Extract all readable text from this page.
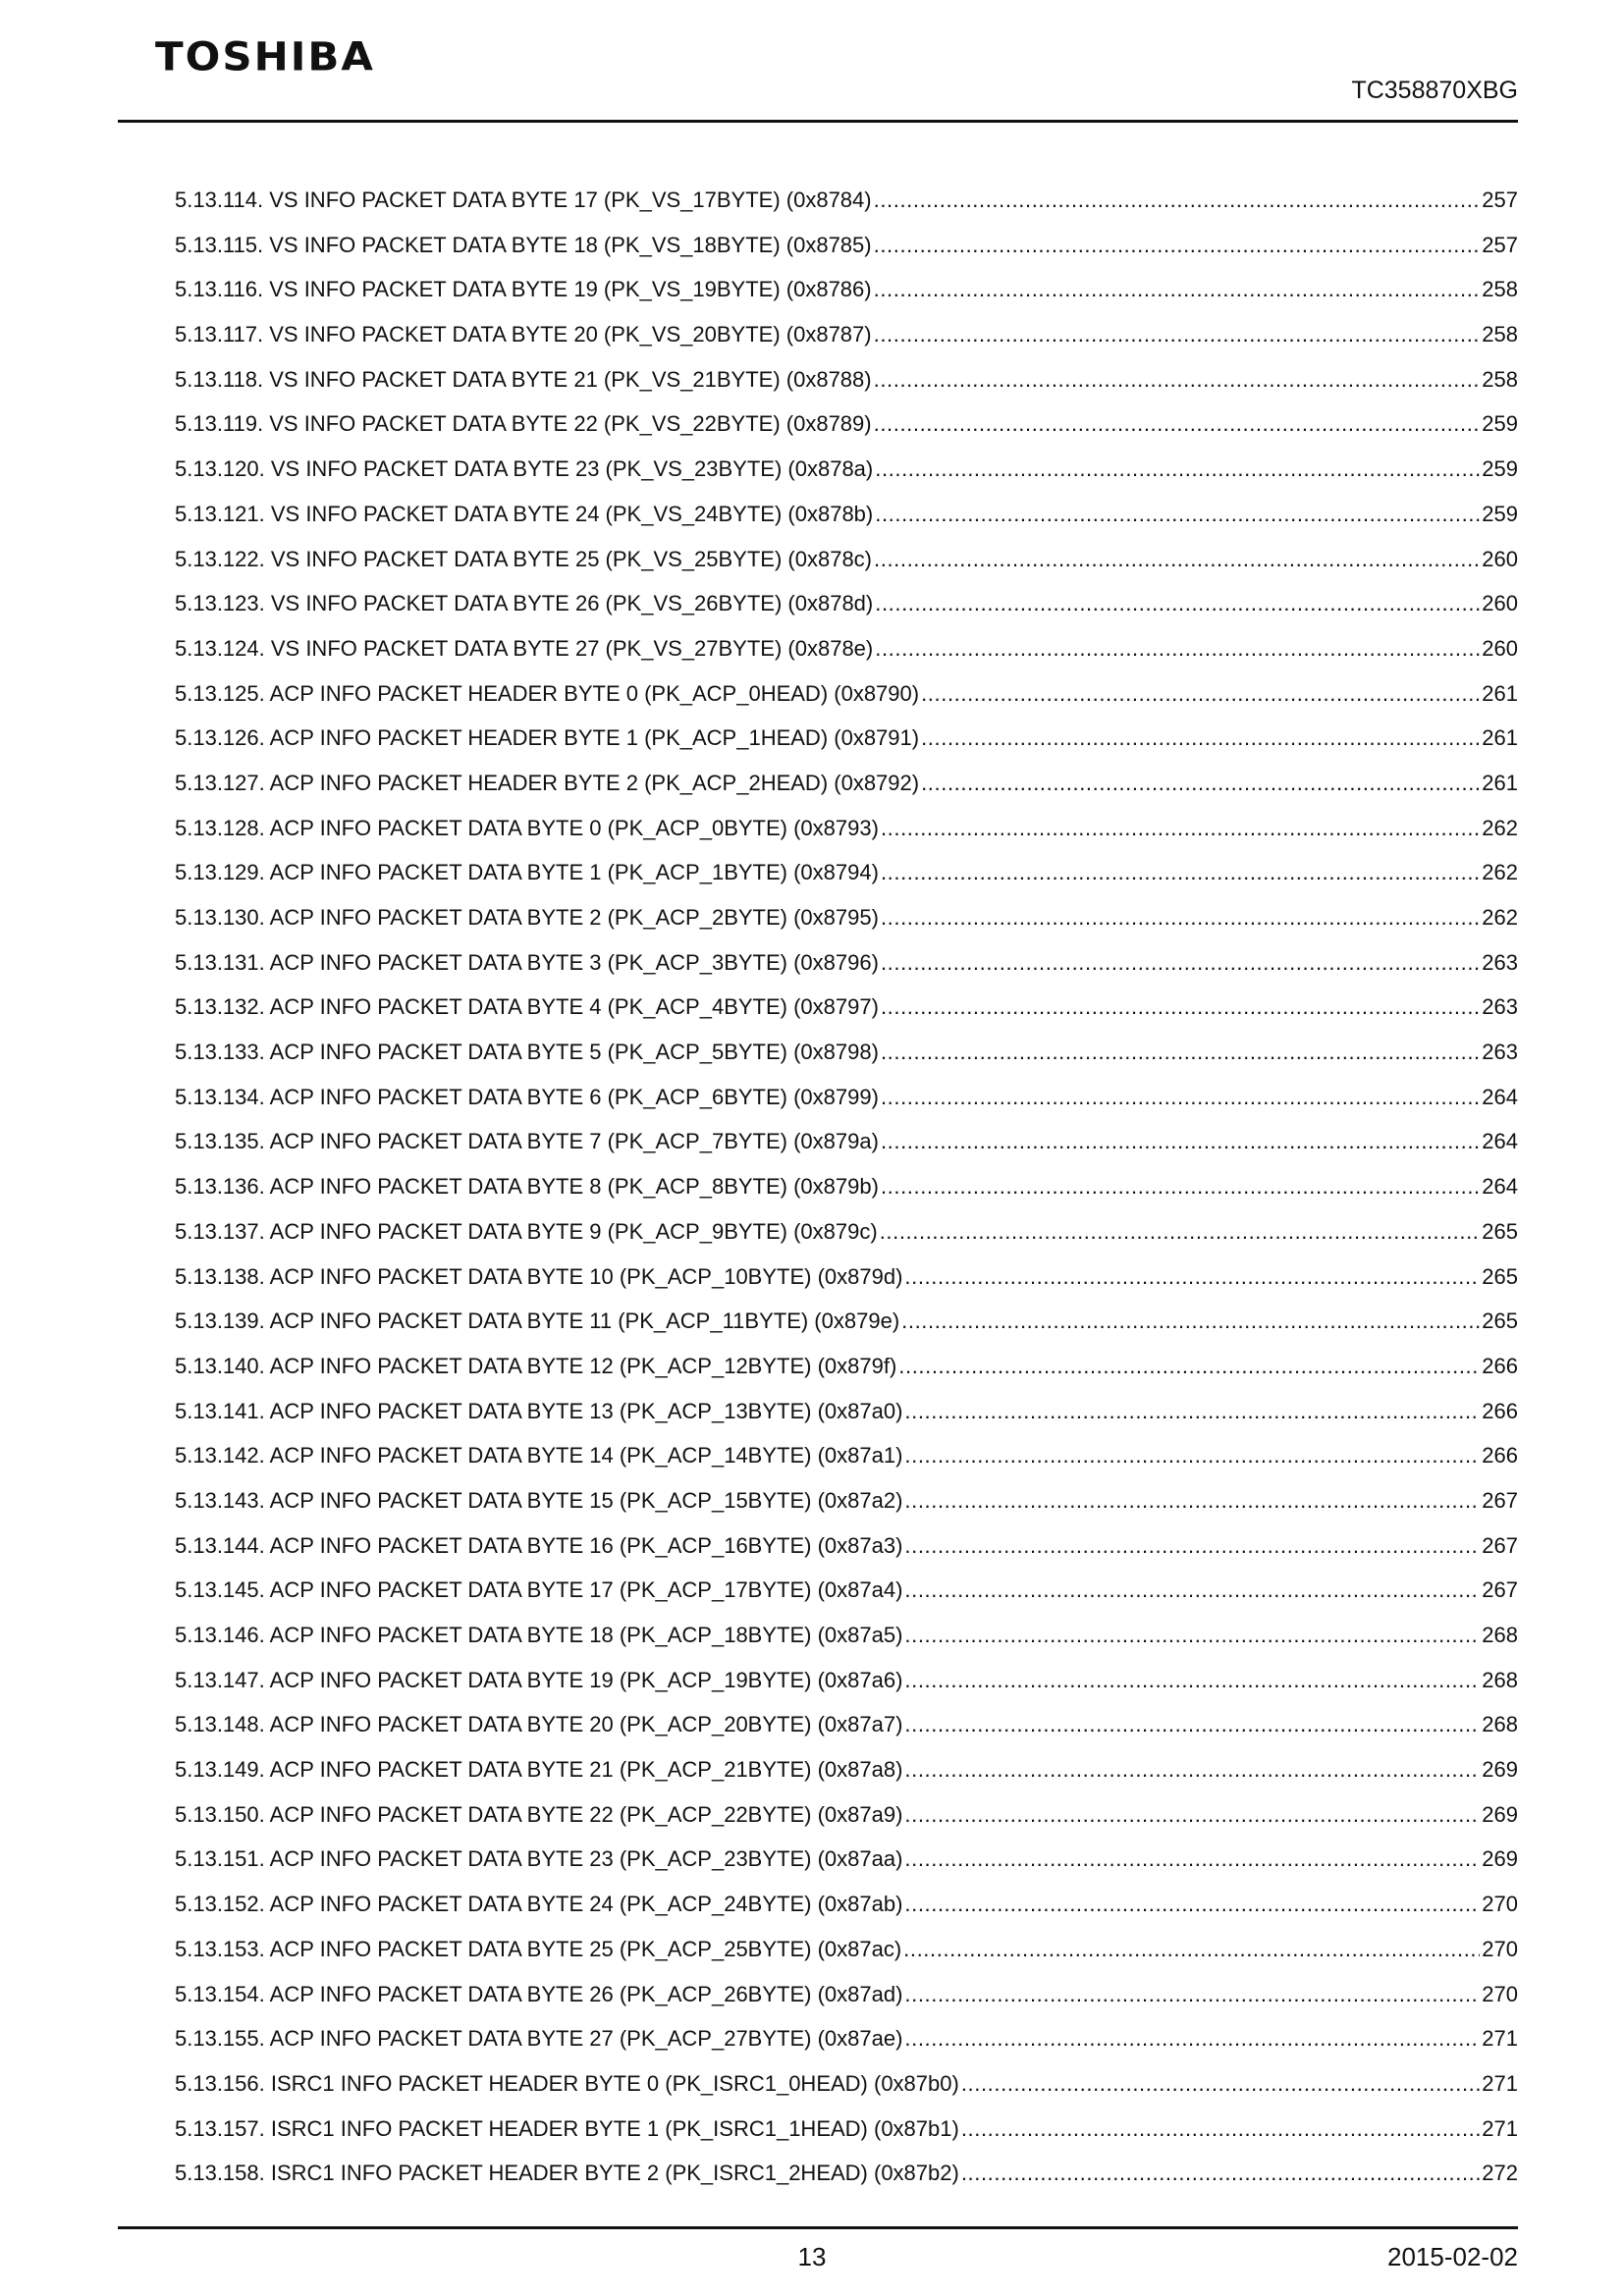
TOSHIBA
TC358870XBG
5.13.114. VS INFO PACKET DATA BYTE 17 (PK_VS_17BYTE) (0x8784) .....	257
5.13.115. VS INFO PACKET DATA BYTE 18 (PK_VS_18BYTE) (0x8785) .....	257
5.13.116. VS INFO PACKET DATA BYTE 19 (PK_VS_19BYTE) (0x8786) .....	258
5.13.117. VS INFO PACKET DATA BYTE 20 (PK_VS_20BYTE) (0x8787) .....	258
5.13.118. VS INFO PACKET DATA BYTE 21 (PK_VS_21BYTE) (0x8788) .....	258
5.13.119. VS INFO PACKET DATA BYTE 22 (PK_VS_22BYTE) (0x8789) .....	259
5.13.120. VS INFO PACKET DATA BYTE 23 (PK_VS_23BYTE) (0x878a) .....	259
5.13.121. VS INFO PACKET DATA BYTE 24 (PK_VS_24BYTE) (0x878b) .....	259
5.13.122. VS INFO PACKET DATA BYTE 25 (PK_VS_25BYTE) (0x878c) .....	260
5.13.123. VS INFO PACKET DATA BYTE 26 (PK_VS_26BYTE) (0x878d) .....	260
5.13.124. VS INFO PACKET DATA BYTE 27 (PK_VS_27BYTE) (0x878e) .....	260
5.13.125. ACP INFO PACKET HEADER BYTE 0 (PK_ACP_0HEAD) (0x8790) .....	261
5.13.126. ACP INFO PACKET HEADER BYTE 1 (PK_ACP_1HEAD) (0x8791) .....	261
5.13.127. ACP INFO PACKET HEADER BYTE 2 (PK_ACP_2HEAD) (0x8792) .....	261
5.13.128. ACP INFO PACKET DATA BYTE 0 (PK_ACP_0BYTE) (0x8793) .....	262
5.13.129. ACP INFO PACKET DATA BYTE 1 (PK_ACP_1BYTE) (0x8794) .....	262
5.13.130. ACP INFO PACKET DATA BYTE 2 (PK_ACP_2BYTE) (0x8795) .....	262
5.13.131. ACP INFO PACKET DATA BYTE 3 (PK_ACP_3BYTE) (0x8796) .....	263
5.13.132. ACP INFO PACKET DATA BYTE 4 (PK_ACP_4BYTE) (0x8797) .....	263
5.13.133. ACP INFO PACKET DATA BYTE 5 (PK_ACP_5BYTE) (0x8798) .....	263
5.13.134. ACP INFO PACKET DATA BYTE 6 (PK_ACP_6BYTE) (0x8799) .....	264
5.13.135. ACP INFO PACKET DATA BYTE 7 (PK_ACP_7BYTE) (0x879a) .....	264
5.13.136. ACP INFO PACKET DATA BYTE 8 (PK_ACP_8BYTE) (0x879b) .....	264
5.13.137. ACP INFO PACKET DATA BYTE 9 (PK_ACP_9BYTE) (0x879c) .....	265
5.13.138. ACP INFO PACKET DATA BYTE 10 (PK_ACP_10BYTE) (0x879d) .....	265
5.13.139. ACP INFO PACKET DATA BYTE 11 (PK_ACP_11BYTE) (0x879e) .....	265
5.13.140. ACP INFO PACKET DATA BYTE 12 (PK_ACP_12BYTE) (0x879f) .....	266
5.13.141. ACP INFO PACKET DATA BYTE 13 (PK_ACP_13BYTE) (0x87a0) .....	266
5.13.142. ACP INFO PACKET DATA BYTE 14 (PK_ACP_14BYTE) (0x87a1) .....	266
5.13.143. ACP INFO PACKET DATA BYTE 15 (PK_ACP_15BYTE) (0x87a2) .....	267
5.13.144. ACP INFO PACKET DATA BYTE 16 (PK_ACP_16BYTE) (0x87a3) .....	267
5.13.145. ACP INFO PACKET DATA BYTE 17 (PK_ACP_17BYTE) (0x87a4) .....	267
5.13.146. ACP INFO PACKET DATA BYTE 18 (PK_ACP_18BYTE) (0x87a5) .....	268
5.13.147. ACP INFO PACKET DATA BYTE 19 (PK_ACP_19BYTE) (0x87a6) .....	268
5.13.148. ACP INFO PACKET DATA BYTE 20 (PK_ACP_20BYTE) (0x87a7) .....	268
5.13.149. ACP INFO PACKET DATA BYTE 21 (PK_ACP_21BYTE) (0x87a8) .....	269
5.13.150. ACP INFO PACKET DATA BYTE 22 (PK_ACP_22BYTE) (0x87a9) .....	269
5.13.151. ACP INFO PACKET DATA BYTE 23 (PK_ACP_23BYTE) (0x87aa) .....	269
5.13.152. ACP INFO PACKET DATA BYTE 24 (PK_ACP_24BYTE) (0x87ab) .....	270
5.13.153. ACP INFO PACKET DATA BYTE 25 (PK_ACP_25BYTE) (0x87ac) .....	270
5.13.154. ACP INFO PACKET DATA BYTE 26 (PK_ACP_26BYTE) (0x87ad) .....	270
5.13.155. ACP INFO PACKET DATA BYTE 27 (PK_ACP_27BYTE) (0x87ae) .....	271
5.13.156. ISRC1 INFO PACKET HEADER BYTE 0 (PK_ISRC1_0HEAD) (0x87b0) .....	271
5.13.157. ISRC1 INFO PACKET HEADER BYTE 1 (PK_ISRC1_1HEAD) (0x87b1) .....	271
5.13.158. ISRC1 INFO PACKET HEADER BYTE 2 (PK_ISRC1_2HEAD) (0x87b2) .....	272
13	2015-02-02
